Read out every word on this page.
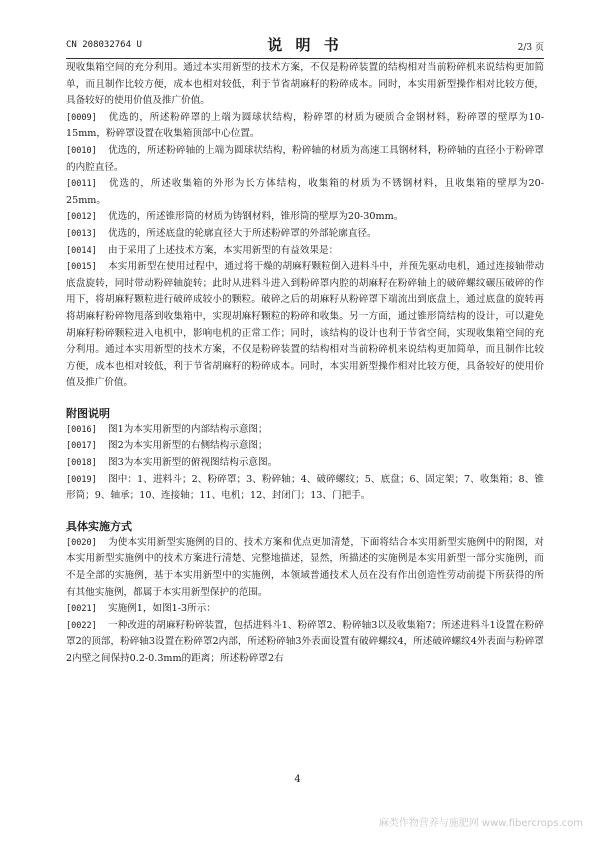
CN 208032764 U	说 明 书	2/3 页

现收集箱空间的充分利用。通过本实用新型的技术方案，不仅是粉碎装置的结构相对当前粉碎机来说结构更加简单，而且制作比较方便，成本也相对较低，利于节省胡麻籽的粉碎成本。同时，本实用新型操作相对比较方便，具备较好的使用价值及推广价值。

[0009] 优选的，所述粉碎罩的上端为圆球状结构，粉碎罩的材质为硬质合金钢材料，粉碎罩的壁厚为10-15mm，粉碎罩设置在收集箱顶部中心位置。

[0010] 优选的，所述粉碎轴的上端为圆球状结构，粉碎轴的材质为高速工具钢材料，粉碎轴的直径小于粉碎罩的内腔直径。

[0011] 优选的，所述收集箱的外形为长方体结构，收集箱的材质为不锈钢材料，且收集箱的壁厚为20-25mm。

[0012] 优选的，所述锥形筒的材质为铸钢材料，锥形筒的壁厚为20-30mm。

[0013] 优选的，所述底盘的轮廓直径大于所述粉碎罩的外部轮廓直径。

[0014] 由于采用了上述技术方案，本实用新型的有益效果是：

[0015] 本实用新型在使用过程中，通过将干燥的胡麻籽颗粒倒入进料斗中，并预先驱动电机，通过连接轴带动底盘旋转，同时带动粉碎轴旋转；此时从进料斗进入到粉碎罩内腔的胡麻籽在粉碎轴上的破碎螺纹碾压破碎的作用下，将胡麻籽颗粒进行破碎成较小的颗粒。破碎之后的胡麻籽从粉碎罩下端流出到底盘上，通过底盘的旋转再将胡麻籽粉碎物甩落到收集箱中，实现胡麻籽颗粒的粉碎和收集。另一方面，通过锥形筒结构的设计，可以避免胡麻籽粉碎颗粒进入电机中，影响电机的正常工作；同时，该结构的设计也利于节省空间，实现收集箱空间的充分利用。通过本实用新型的技术方案，不仅是粉碎装置的结构相对当前粉碎机来说结构更加简单，而且制作比较方便，成本也相对较低，利于节省胡麻籽的粉碎成本。同时，本实用新型操作相对比较方便，具备较好的使用价值及推广价值。

附图说明

[0016] 图1为本实用新型的内部结构示意图；

[0017] 图2为本实用新型的右侧结构示意图；

[0018] 图3为本实用新型的俯视图结构示意图。

[0019] 图中：1、进料斗；2、粉碎罩；3、粉碎轴；4、破碎螺纹；5、底盘；6、固定架；7、收集箱；8、锥形筒；9、轴承；10、连接轴；11、电机；12、封闭门；13、门把手。

具体实施方式

[0020] 为使本实用新型实施例的目的、技术方案和优点更加清楚，下面将结合本实用新型实施例中的附图，对本实用新型实施例中的技术方案进行清楚、完整地描述，显然，所描述的实施例是本实用新型一部分实施例，而不是全部的实施例，基于本实用新型中的实施例，本领域普通技术人员在没有作出创造性劳动前提下所获得的所有其他实施例，都属于本实用新型保护的范围。

[0021] 实施例1，如图1-3所示：

[0022] 一种改进的胡麻籽粉碎装置，包括进料斗1、粉碎罩2、粉碎轴3以及收集箱7；所述进料斗1设置在粉碎罩2的顶部，粉碎轴3设置在粉碎罩2内部，所述粉碎轴3外表面设置有破碎螺纹4，所述破碎螺纹4外表面与粉碎罩2内壁之间保持0.2-0.3mm的距离；所述粉碎罩2右

4
麻类作物营养与施肥网 www.fibercrops.com
